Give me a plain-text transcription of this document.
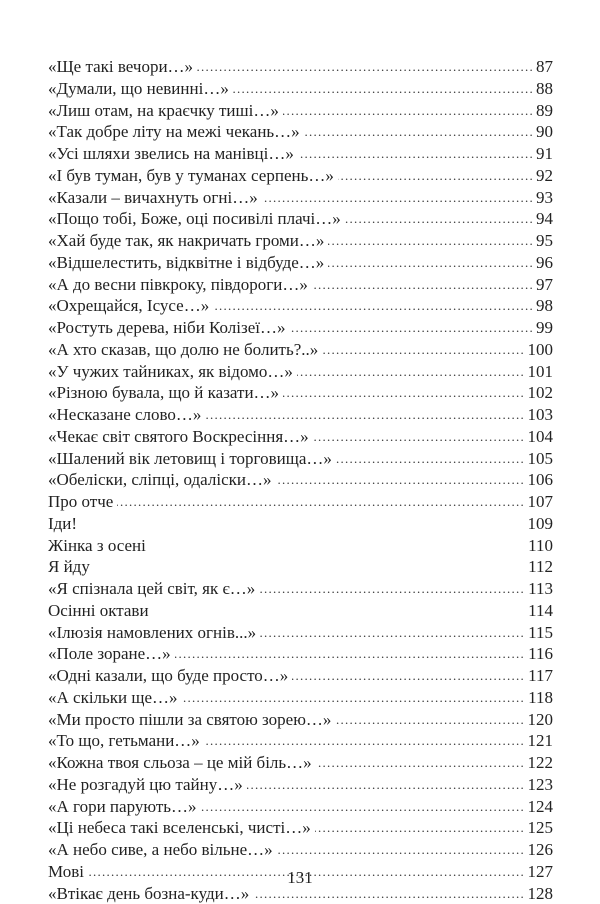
. . . 87
«Ще такі вечори…»
. . . 88
«Думали, що невинні…»
. . . 89
«Лиш отам, на краєчку тиші…»
. . . 90
«Так добре літу на межі чекань…»
. . . 91
«Усі шляхи звелись на манівці…»
. . . 92
«І був туман, був у туманах серпень…»
. . . 93
«Казали – вичахнуть огні…»
. . . 94
«Пощо тобі, Боже, оці посивілі плачі…»
. . . 95
«Хай буде так, як накричать громи…»
. . . 96
«Відшелестить, відквітне і відбуде…»
. . . 97
«А до весни півкроку, півдороги…»
. . . 98
«Охрещайся, Ісусе…»
. . . 99
«Ростуть дерева, ніби Колізеї…»
. . . 100
«А хто сказав, що долю не болить?..»
. . . 101
«У чужих тайниках, як відомо…»
. . . 102
«Різною бувала, що й казати…»
. . . 103
«Несказане слово…»
. . . 104
«Чекає світ святого Воскресіння…»
. . . 105
«Шалений вік летовищ і торговища…»
. . . 106
«Обеліски, сліпці, одаліски…»
. . . 107
Про отче
109
Іди!
110
Жінка з осені
112
Я йду
. . . 113
«Я спізнала цей світ, як є…»
114
Осінні октави
. . . 115
«Ілюзія намовлених огнів...»
. . . 116
«Поле зоране…»
. . . 117
«Одні казали, що буде просто…»
. . . 118
«А скільки ще…»
. . . 120
«Ми просто пішли за святою зорею…»
. . . 121
«То що, гетьмани…»
. . . 122
«Кожна твоя сльоза – це мій біль…»
. . . 123
«Не розгадуй цю тайну…»
. . . 124
«А гори парують…»
. . . 125
«Ці небеса такі вселенські, чисті…»
. . . 126
«А небо сиве, а небо вільне…»
. . . 127
Мові
. . . 128
«Втікає день бозна-куди…»
131
